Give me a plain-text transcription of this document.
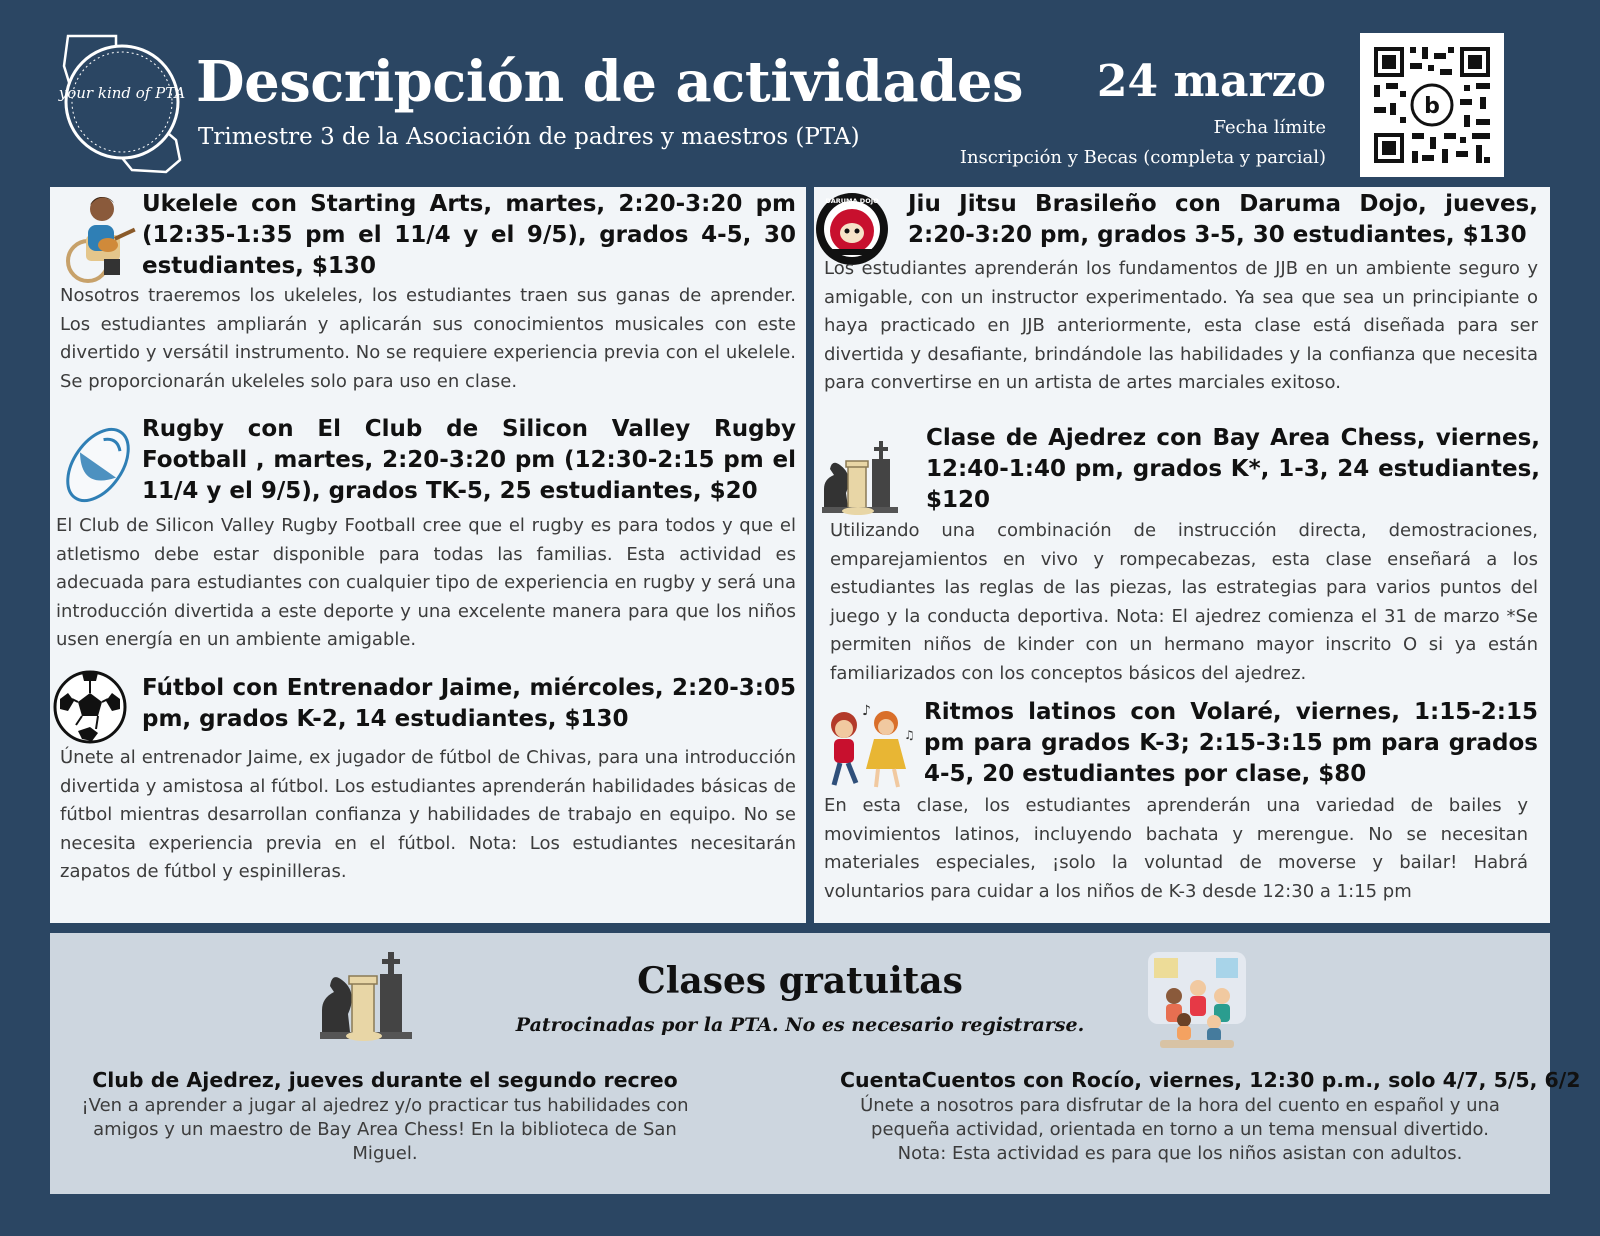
your kind of PTA Descripción de actividades
Trimestre 3 de la Asociación de padres y maestros (PTA)
24 marzo
Fecha límite
Inscripción y Becas (completa y parcial)
b
Ukelele con Starting Arts, martes, 2:20-3:20 pm (12:35-1:35 pm el 11/4 y el 9/5), grados 4-5, 30 estudiantes, $130
Nosotros traeremos los ukeleles, los estudiantes traen sus ganas de aprender. Los estudiantes ampliarán y aplicarán sus conocimientos musicales con este divertido y versátil instrumento. No se requiere experiencia previa con el ukelele. Se proporcionarán ukeleles solo para uso en clase.
Rugby con El Club de Silicon Valley Rugby Football , martes, 2:20-3:20 pm (12:30-2:15 pm el 11/4 y el 9/5), grados TK-5, 25 estudiantes, $20
El Club de Silicon Valley Rugby Football cree que el rugby es para todos y que el atletismo debe estar disponible para todas las familias. Esta actividad es adecuada para estudiantes con cualquier tipo de experiencia en rugby y será una introducción divertida a este deporte y una excelente manera para que los niños usen energía en un ambiente amigable.
Fútbol con Entrenador Jaime, miércoles, 2:20-3:05 pm, grados K-2, 14 estudiantes, $130
Únete al entrenador Jaime, ex jugador de fútbol de Chivas, para una introducción divertida y amistosa al fútbol. Los estudiantes aprenderán habilidades básicas de fútbol mientras desarrollan confianza y habilidades de trabajo en equipo. No se necesita experiencia previa en el fútbol. Nota: Los estudiantes necesitarán zapatos de fútbol y espinilleras.
DARUMA DOJO Jiu Jitsu Brasileño con Daruma Dojo, jueves, 2:20-3:20 pm, grados 3-5, 30 estudiantes, $130
Los estudiantes aprenderán los fundamentos de JJB en un ambiente seguro y amigable, con un instructor experimentado. Ya sea que sea un principiante o haya practicado en JJB anteriormente, esta clase está diseñada para ser divertida y desafiante, brindándole las habilidades y la confianza que necesita para convertirse en un artista de artes marciales exitoso.
Clase de Ajedrez con Bay Area Chess, viernes, 12:40-1:40 pm, grados K*, 1-3, 24 estudiantes, $120
Utilizando una combinación de instrucción directa, demostraciones, emparejamientos en vivo y rompecabezas, esta clase enseñará a los estudiantes las reglas de las piezas, las estrategias para varios puntos del juego y la conducta deportiva. Nota: El ajedrez comienza el 31 de marzo *Se permiten niños de kinder con un hermano mayor inscrito O si ya están familiarizados con los conceptos básicos del ajedrez.
♪
♫
Ritmos latinos con Volaré, viernes, 1:15-2:15 pm para grados K-3; 2:15-3:15 pm para grados 4-5, 20 estudiantes por clase, $80
En esta clase, los estudiantes aprenderán una variedad de bailes y movimientos latinos, incluyendo bachata y merengue. No se necesitan materiales especiales, ¡solo la voluntad de moverse y bailar! Habrá voluntarios para cuidar a los niños de K-3 desde 12:30 a 1:15 pm
Clases gratuitas
Patrocinadas por la PTA. No es necesario registrarse.
Club de Ajedrez, jueves durante el segundo recreo
¡Ven a aprender a jugar al ajedrez y/o practicar tus habilidades con amigos y un maestro de Bay Area Chess! En la biblioteca de San Miguel.
CuentaCuentos con Rocío, viernes, 12:30 p.m., solo 4/7, 5/5, 6/2
Únete a nosotros para disfrutar de la hora del cuento en español y una pequeña actividad, orientada en torno a un tema mensual divertido. Nota: Esta actividad es para que los niños asistan con adultos.
